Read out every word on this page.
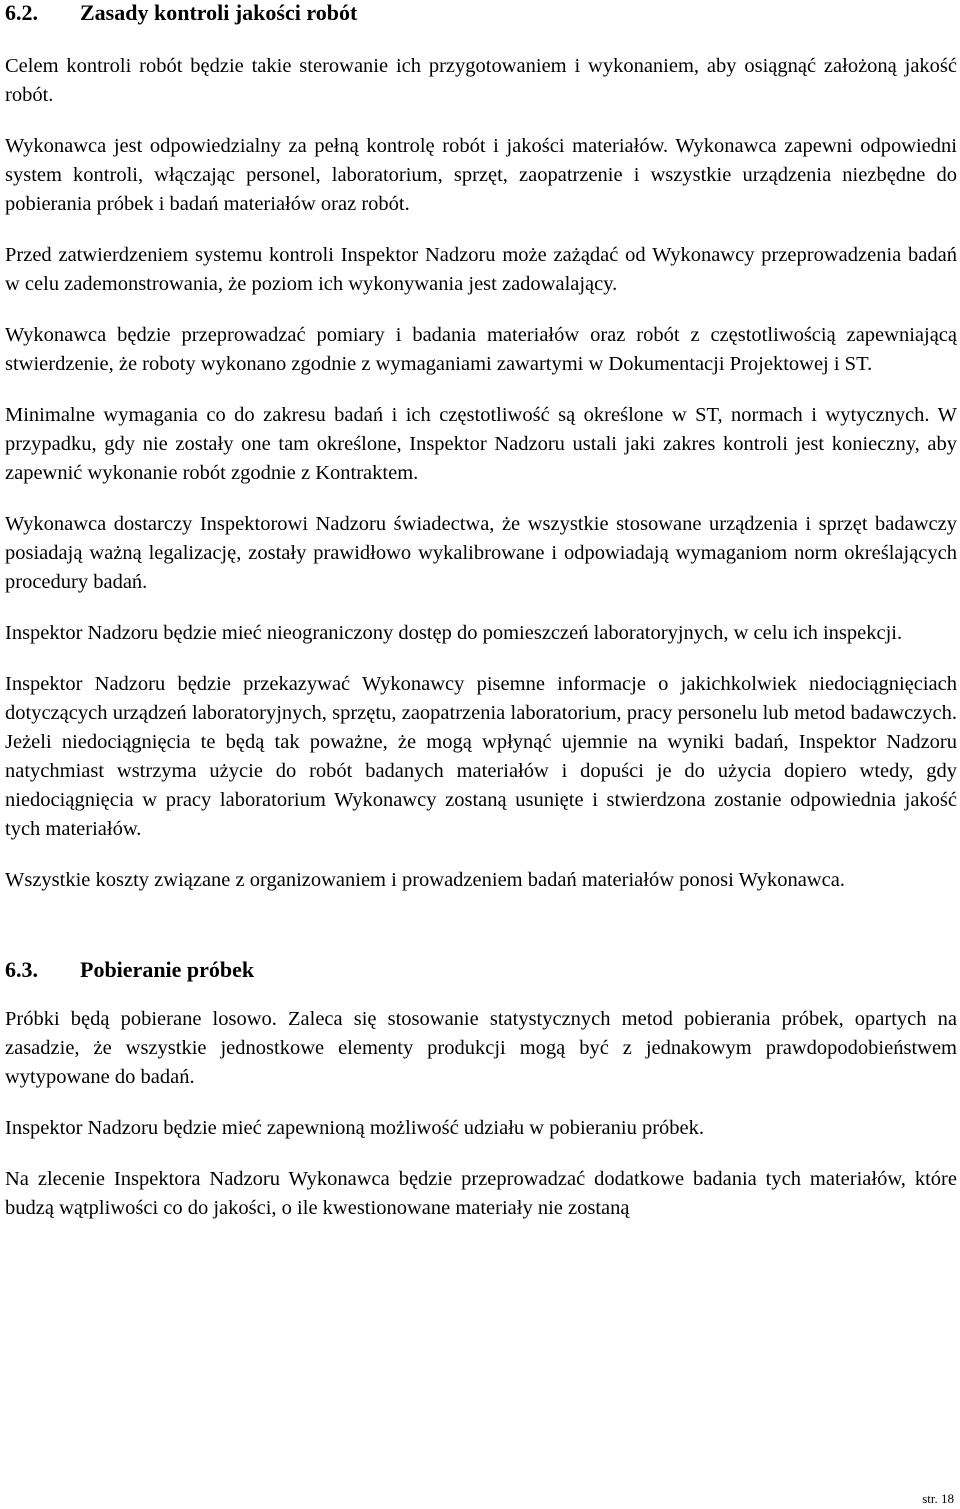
6.2. Zasady kontroli jakości robót

Celem kontroli robót będzie takie sterowanie ich przygotowaniem i wykonaniem, aby osiągnąć założoną jakość robót.

Wykonawca jest odpowiedzialny za pełną kontrolę robót i jakości materiałów. Wykonawca zapewni odpowiedni system kontroli, włączając personel, laboratorium, sprzęt, zaopatrzenie i wszystkie urządzenia niezbędne do pobierania próbek i badań materiałów oraz robót.

Przed zatwierdzeniem systemu kontroli Inspektor Nadzoru może zażądać od Wykonawcy przeprowadzenia badań w celu zademonstrowania, że poziom ich wykonywania jest zadowalający.

Wykonawca będzie przeprowadzać pomiary i badania materiałów oraz robót z częstotliwością zapewniającą stwierdzenie, że roboty wykonano zgodnie z wymaganiami zawartymi w Dokumentacji Projektowej i ST.

Minimalne wymagania co do zakresu badań i ich częstotliwość są określone w ST, normach i wytycznych. W przypadku, gdy nie zostały one tam określone, Inspektor Nadzoru ustali jaki zakres kontroli jest konieczny, aby zapewnić wykonanie robót zgodnie z Kontraktem.

Wykonawca dostarczy Inspektorowi Nadzoru świadectwa, że wszystkie stosowane urządzenia i sprzęt badawczy posiadają ważną legalizację, zostały prawidłowo wykalibrowane i odpowiadają wymaganiom norm określających procedury badań.

Inspektor Nadzoru będzie mieć nieograniczony dostęp do pomieszczeń laboratoryjnych, w celu ich inspekcji.

Inspektor Nadzoru będzie przekazywać Wykonawcy pisemne informacje o jakichkolwiek niedociągnięciach dotyczących urządzeń laboratoryjnych, sprzętu, zaopatrzenia laboratorium, pracy personelu lub metod badawczych. Jeżeli niedociągnięcia te będą tak poważne, że mogą wpłynąć ujemnie na wyniki badań, Inspektor Nadzoru natychmiast wstrzyma użycie do robót badanych materiałów i dopuści je do użycia dopiero wtedy, gdy niedociągnięcia w pracy laboratorium Wykonawcy zostaną usunięte i stwierdzona zostanie odpowiednia jakość tych materiałów.

Wszystkie koszty związane z organizowaniem i prowadzeniem badań materiałów ponosi Wykonawca.

6.3. Pobieranie próbek

Próbki będą pobierane losowo. Zaleca się stosowanie statystycznych metod pobierania próbek, opartych na zasadzie, że wszystkie jednostkowe elementy produkcji mogą być z jednakowym prawdopodobieństwem wytypowane do badań.

Inspektor Nadzoru będzie mieć zapewnioną możliwość udziału w pobieraniu próbek.

Na zlecenie Inspektora Nadzoru Wykonawca będzie przeprowadzać dodatkowe badania tych materiałów, które budzą wątpliwości co do jakości, o ile kwestionowane materiały nie zostaną

str. 18
